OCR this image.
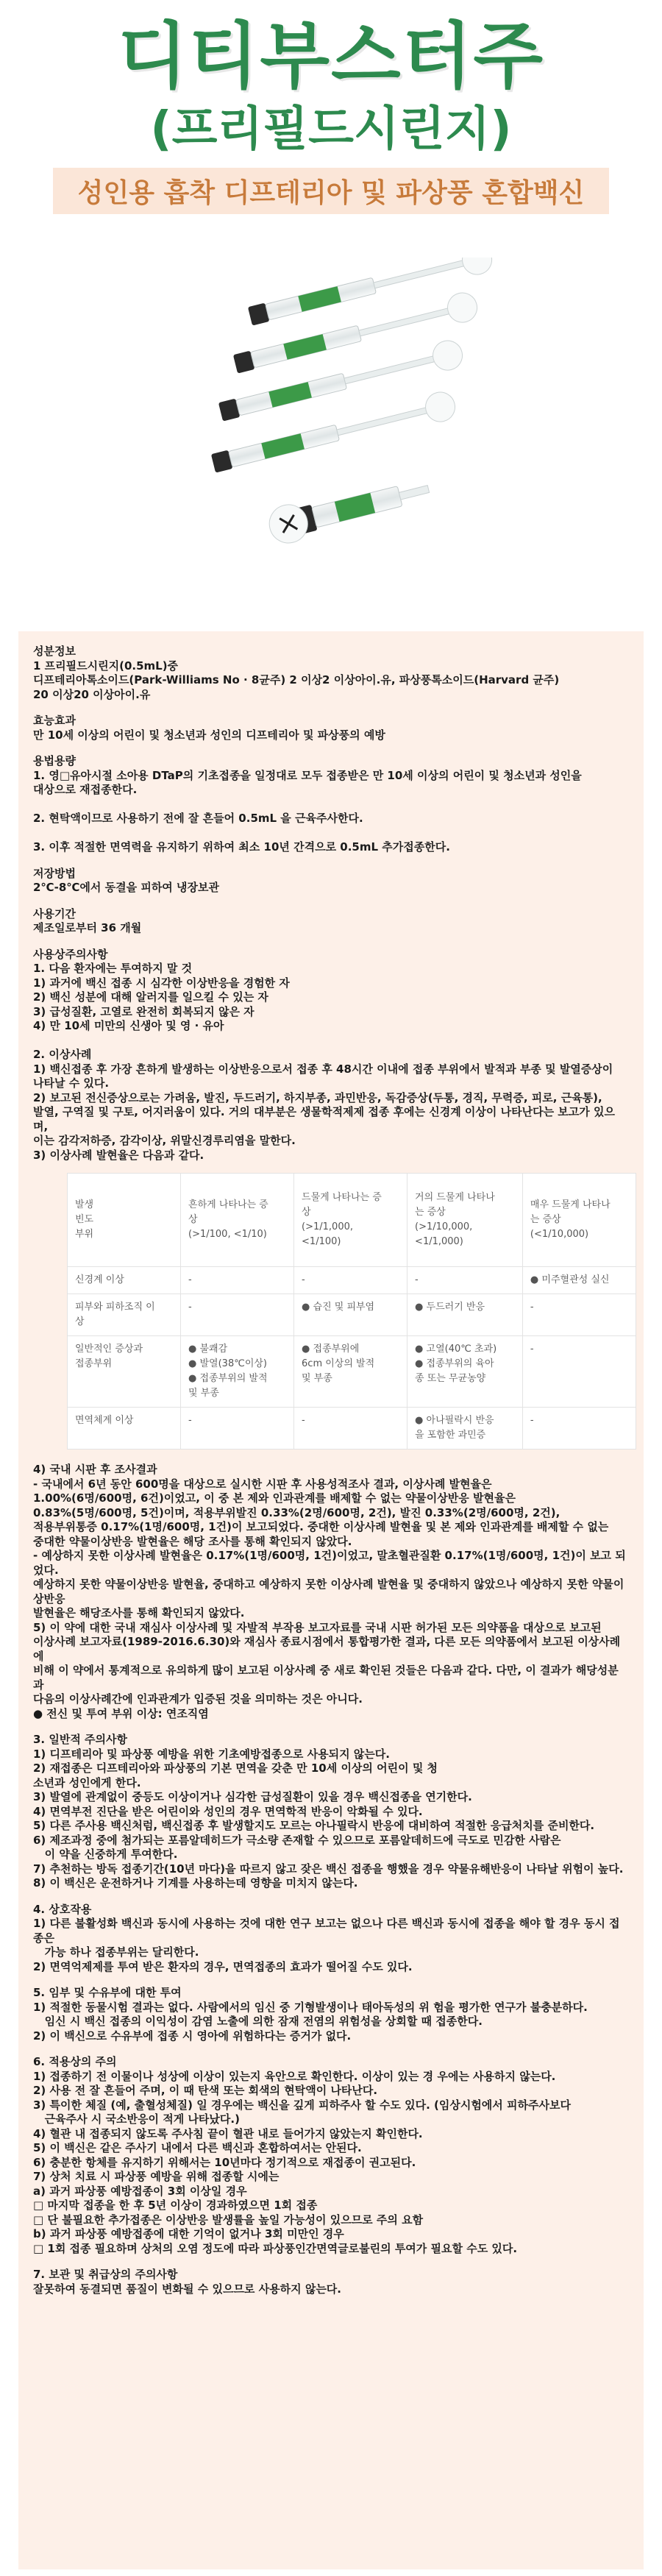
디티부스터주
(프리필드시린지)
성인용 흡착 디프테리아 및 파상풍 혼합백신

성분정보

1 프리필드시린지(0.5mL)중

디프테리아톡소이드(Park-Williams No · 8균주) 2 이상2 이상아이.유, 파상풍톡소이드(Harvard 균주)

20 이상20 이상아이.유

효능효과

만 10세 이상의 어린이 및 청소년과 성인의 디프테리아 및 파상풍의 예방

용법용량

1. 영□유아시절 소아용 DTaP의 기초접종을 일정대로 모두 접종받은 만 10세 이상의 어린이 및 청소년과 성인을

대상으로 재접종한다.

2. 현탁액이므로 사용하기 전에 잘 흔들어 0.5mL 을 근육주사한다.

3. 이후 적절한 면역력을 유지하기 위하여 최소 10년 간격으로 0.5mL 추가접종한다.

저장방법

2℃-8℃에서 동결을 피하여 냉장보관

사용기간

제조일로부터 36 개월

사용상주의사항

1. 다음 환자에는 투여하지 말 것

1) 과거에 백신 접종 시 심각한 이상반응을 경험한 자

2) 백신 성분에 대해 알러지를 일으킬 수 있는 자

3) 급성질환, 고열로 완전히 회복되지 않은 자

4) 만 10세 미만의 신생아 및 영 · 유아

2. 이상사례

1) 백신접종 후 가장 흔하게 발생하는 이상반응으로서 접종 후 48시간 이내에 접종 부위에서 발적과 부종 및 발열증상이

나타날 수 있다.

2) 보고된 전신증상으로는 가려움, 발진, 두드러기, 하지부종, 과민반응, 독감증상(두통, 경직, 무력증, 피로, 근육통),

발열, 구역질 및 구토, 어지러움이 있다. 거의 대부분은 생물학적제제 접종 후에는 신경계 이상이 나타난다는 보고가 있으며,

이는 감각저하증, 감각이상, 위말신경루리염을 말한다.

3) 이상사례 발현율은 다음과 같다.

발생
빈도
부위	흔하게 나타나는 증
상
(>1/100, <1/10)	드물게 나타나는 증
상
(>1/1,000,
<1/100)	거의 드물게 나타나
는 증상
(>1/10,000,
<1/1,000)	매우 드물게 나타나
는 증상
(<1/10,000)

신경계 이상	-	-	-	● 미주혈관성 실신

피부와 피하조직 이
상	-	● 습진 및 피부염	● 두드러기 반응	-

일반적인 증상과
접종부위	● 불쾌감
● 발열(38℃이상)
● 접종부위의 발적
및 부종	● 접종부위에
6cm 이상의 발적
및 부종	● 고열(40℃ 초과)
● 접종부위의 육아
종 또는 무균농양	-

면역체계 이상	-	-	● 아나필락시 반응
을 포함한 과민증	-

4) 국내 시판 후 조사결과

- 국내에서 6년 동안 600명을 대상으로 실시한 시판 후 사용성적조사 결과, 이상사례 발현율은

1.00%(6명/600명, 6건)이었고, 이 중 본 제와 인과관계를 배제할 수 없는 약물이상반응 발현율은

0.83%(5명/600명, 5건)이며, 적용부위발진 0.33%(2명/600명, 2건), 발진 0.33%(2명/600명, 2건),

적용부위통증 0.17%(1명/600명, 1건)이 보고되었다. 중대한 이상사례 발현율 및 본 제와 인과관계를 배제할 수 없는

중대한 약물이상반응 발현율은 해당 조사를 통해 확인되지 않았다.

- 예상하지 못한 이상사례 발현율은 0.17%(1명/600명, 1건)이었고, 말초혈관질환 0.17%(1명/600명, 1건)이 보고 되었다.

예상하지 못한 약물이상반응 발현율, 중대하고 예상하지 못한 이상사례 발현율 및 중대하지 않았으나 예상하지 못한 약물이상반응

발현율은 해당조사를 통해 확인되지 않았다.

5) 이 약에 대한 국내 재심사 이상사례 및 자발적 부작용 보고자료를 국내 시판 허가된 모든 의약품을 대상으로 보고된

이상사례 보고자료(1989-2016.6.30)와 재심사 종료시점에서 통합평가한 결과, 다른 모든 의약품에서 보고된 이상사례에

비해 이 약에서 통계적으로 유의하게 많이 보고된 이상사례 중 새로 확인된 것들은 다음과 같다. 다만, 이 결과가 해당성분과

다음의 이상사례간에 인과관계가 입증된 것을 의미하는 것은 아니다.

● 전신 및 투여 부위 이상: 연조직염

3. 일반적 주의사항

1) 디프테리아 및 파상풍 예방을 위한 기초예방접종으로 사용되지 않는다.

2) 재접종은 디프테리아와 파상풍의 기본 면역을 갖춘 만 10세 이상의 어린이 및 청

소년과 성인에게 한다.

3) 발열에 관계없이 중등도 이상이거나 심각한 급성질환이 있을 경우 백신접종을 연기한다.

4) 면역부전 진단을 받은 어린이와 성인의 경우 면역학적 반응이 악화될 수 있다.

5) 다른 주사용 백신처럼, 백신접종 후 발생할지도 모르는 아나필락시 반응에 대비하여 적절한 응급처치를 준비한다.

6) 제조과정 중에 첨가되는 포름알데히드가 극소량 존재할 수 있으므로 포름알데히드에 극도로 민감한 사람은

이 약을 신중하게 투여한다.

7) 추천하는 방독 접종기간(10년 마다)을 따르지 않고 잦은 백신 접종을 행했을 경우 약물유해반응이 나타날 위험이 높다.

8) 이 백신은 운전하거나 기계를 사용하는데 영향을 미치지 않는다.

4. 상호작용

1) 다른 불활성화 백신과 동시에 사용하는 것에 대한 연구 보고는 없으나 다른 백신과 동시에 접종을 해야 할 경우 동시 접종은

가능 하나 접종부위는 달리한다.

2) 면역억제제를 투여 받은 환자의 경우, 면역접종의 효과가 떨어질 수도 있다.

5. 임부 및 수유부에 대한 투여

1) 적절한 동물시험 결과는 없다. 사람에서의 임신 중 기형발생이나 태아독성의 위 험을 평가한 연구가 불충분하다.

임신 시 백신 접종의 이익성이 감염 노출에 의한 잠재 전염의 위험성을 상회할 때 접종한다.

2) 이 백신으로 수유부에 접종 시 영아에 위험하다는 증거가 없다.

6. 적용상의 주의

1) 접종하기 전 이물이나 성상에 이상이 있는지 육안으로 확인한다. 이상이 있는 경 우에는 사용하지 않는다.

2) 사용 전 잘 흔들어 주며, 이 때 탄색 또는 회색의 현탁액이 나타난다.

3) 특이한 체질 (예, 출혈성체질) 일 경우에는 백신을 깊게 피하주사 할 수도 있다. (임상시험에서 피하주사보다

근육주사 시 국소반응이 적게 나타났다.)

4) 혈관 내 접종되지 않도록 주사침 끝이 혈관 내로 들어가지 않았는지 확인한다.

5) 이 백신은 같은 주사기 내에서 다른 백신과 혼합하여서는 안된다.

6) 충분한 항체를 유지하기 위해서는 10년마다 정기적으로 재접종이 권고된다.

7) 상처 치료 시 파상풍 예방을 위해 접종할 시에는

a) 과거 파상풍 예방접종이 3회 이상일 경우

□ 마지막 접종을 한 후 5년 이상이 경과하였으면 1회 접종

□ 단 불필요한 추가접종은 이상반응 발생률을 높일 가능성이 있으므로 주의 요함

b) 과거 파상풍 예방접종에 대한 기억이 없거나 3회 미만인 경우

□ 1회 접종 필요하며 상처의 오염 정도에 따라 파상풍인간면역글로불린의 투여가 필요할 수도 있다.

7. 보관 및 취급상의 주의사항

잘못하여 동결되면 품질이 변화될 수 있으므로 사용하지 않는다.
